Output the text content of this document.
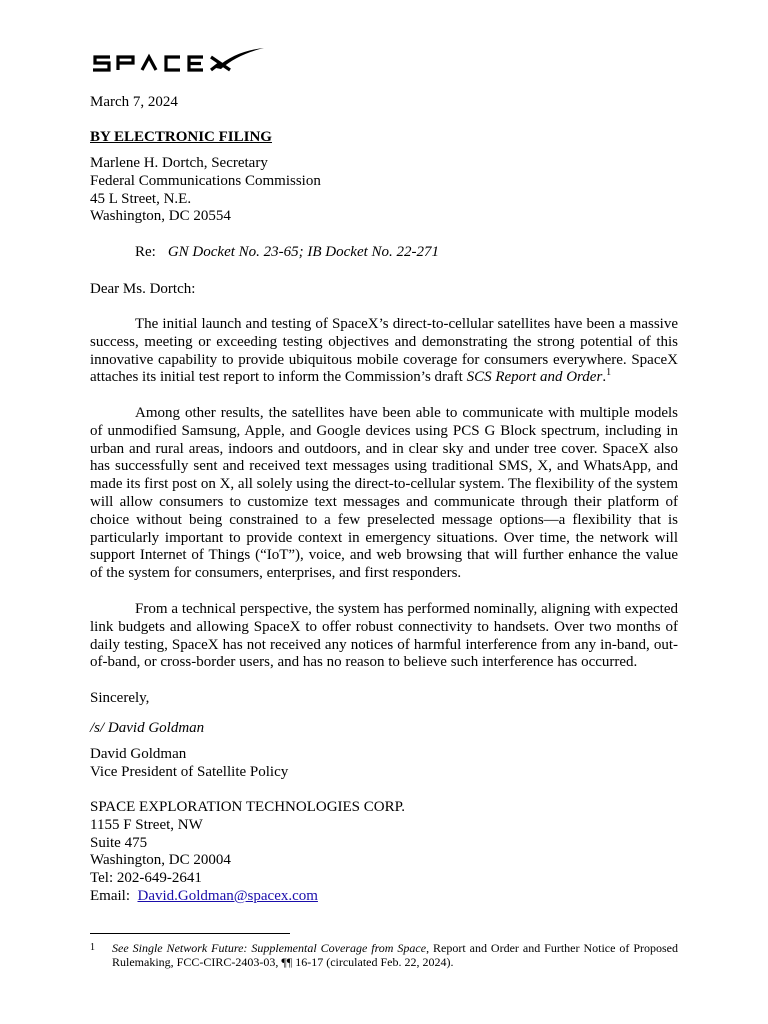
March 7, 2024
BY ELECTRONIC FILING
Marlene H. Dortch, Secretary
Federal Communications Commission
45 L Street, N.E.
Washington, DC 20554
Re: GN Docket No. 23-65; IB Docket No. 22-271
Dear Ms. Dortch:
The initial launch and testing of SpaceX’s direct-to-cellular satellites have been a massive success, meeting or exceeding testing objectives and demonstrating the strong potential of this innovative capability to provide ubiquitous mobile coverage for consumers everywhere. SpaceX attaches its initial test report to inform the Commission’s draft SCS Report and Order.$^1$
Among other results, the satellites have been able to communicate with multiple models of unmodified Samsung, Apple, and Google devices using PCS G Block spectrum, including in urban and rural areas, indoors and outdoors, and in clear sky and under tree cover. SpaceX also has successfully sent and received text messages using traditional SMS, X, and WhatsApp, and made its first post on X, all solely using the direct-to-cellular system. The flexibility of the system will allow consumers to customize text messages and communicate through their platform of choice without being constrained to a few preselected message options—a flexibility that is particularly important to provide context in emergency situations. Over time, the network will support Internet of Things (“IoT”), voice, and web browsing that will further enhance the value of the system for consumers, enterprises, and first responders.
From a technical perspective, the system has performed nominally, aligning with expected link budgets and allowing SpaceX to offer robust connectivity to handsets. Over two months of daily testing, SpaceX has not received any notices of harmful interference from any in-band, out-of-band, or cross-border users, and has no reason to believe such interference has occurred.
Sincerely,
/s/ David Goldman
David Goldman
Vice President of Satellite Policy
SPACE EXPLORATION TECHNOLOGIES CORP.
1155 F Street, NW
Suite 475
Washington, DC 20004
Tel: 202-649-2641
Email: David.Goldman@spacex.com
1 See Single Network Future: Supplemental Coverage from Space, Report and Order and Further Notice of Proposed Rulemaking, FCC-CIRC-2403-03, ¶¶ 16-17 (circulated Feb. 22, 2024).
